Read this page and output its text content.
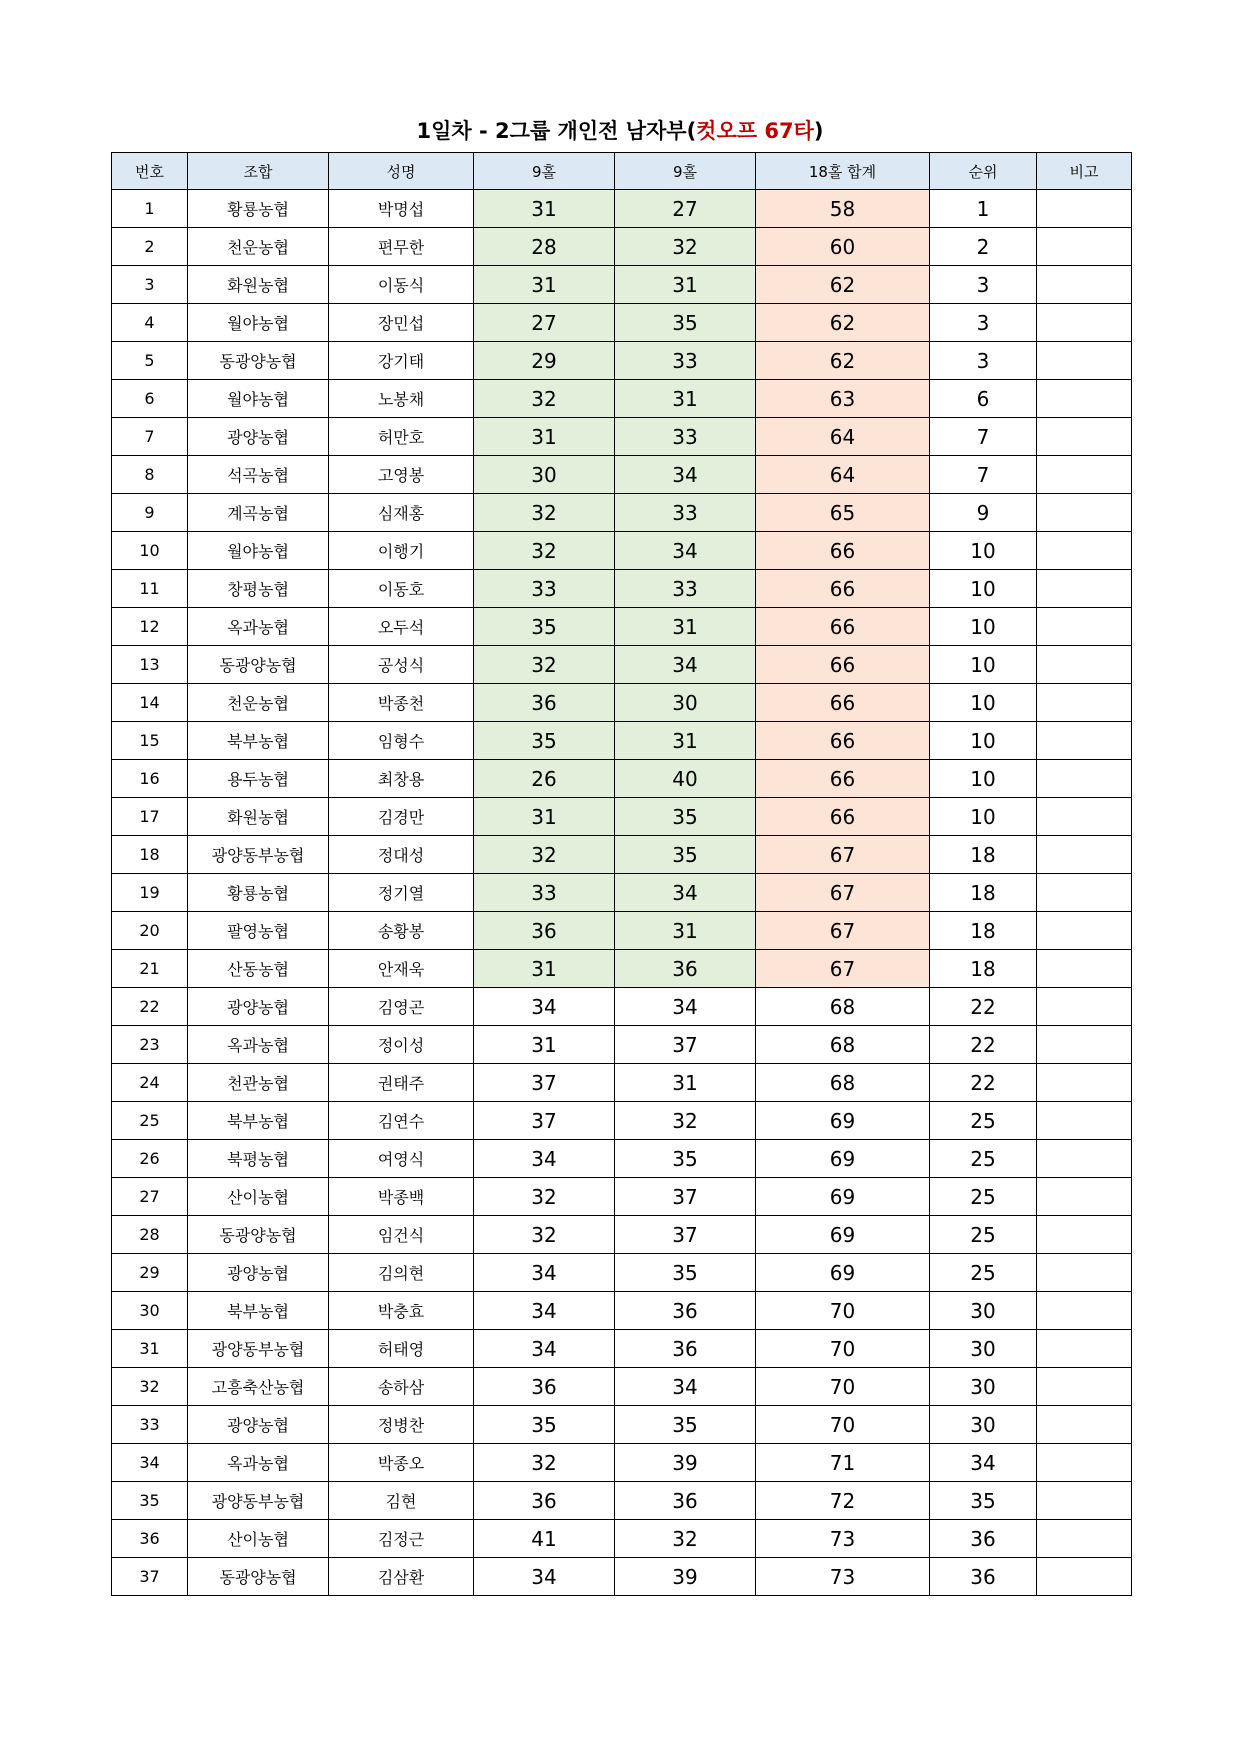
1일차 - 2그룹 개인전 남자부(컷오프 67타)
번호	조합	성명	9홀	9홀	18홀 합계	순위	비고
1	황룡농협	박명섭	31	27	58	1	
2	천운농협	편무한	28	32	60	2	
3	화원농협	이동식	31	31	62	3	
4	월야농협	장민섭	27	35	62	3	
5	동광양농협	강기태	29	33	62	3	
6	월야농협	노봉채	32	31	63	6	
7	광양농협	허만호	31	33	64	7	
8	석곡농협	고영봉	30	34	64	7	
9	계곡농협	심재홍	32	33	65	9	
10	월야농협	이행기	32	34	66	10	
11	창평농협	이동호	33	33	66	10	
12	옥과농협	오두석	35	31	66	10	
13	동광양농협	공성식	32	34	66	10	
14	천운농협	박종천	36	30	66	10	
15	북부농협	임형수	35	31	66	10	
16	용두농협	최창용	26	40	66	10	
17	화원농협	김경만	31	35	66	10	
18	광양동부농협	정대성	32	35	67	18	
19	황룡농협	정기열	33	34	67	18	
20	팔영농협	송황봉	36	31	67	18	
21	산동농협	안재욱	31	36	67	18	
22	광양농협	김영곤	34	34	68	22	
23	옥과농협	정이성	31	37	68	22	
24	천관농협	권태주	37	31	68	22	
25	북부농협	김연수	37	32	69	25	
26	북평농협	여영식	34	35	69	25	
27	산이농협	박종백	32	37	69	25	
28	동광양농협	임건식	32	37	69	25	
29	광양농협	김의현	34	35	69	25	
30	북부농협	박충효	34	36	70	30	
31	광양동부농협	허태영	34	36	70	30	
32	고흥축산농협	송하삼	36	34	70	30	
33	광양농협	정병찬	35	35	70	30	
34	옥과농협	박종오	32	39	71	34	
35	광양동부농협	김현	36	36	72	35	
36	산이농협	김정근	41	32	73	36	
37	동광양농협	김삼환	34	39	73	36	
